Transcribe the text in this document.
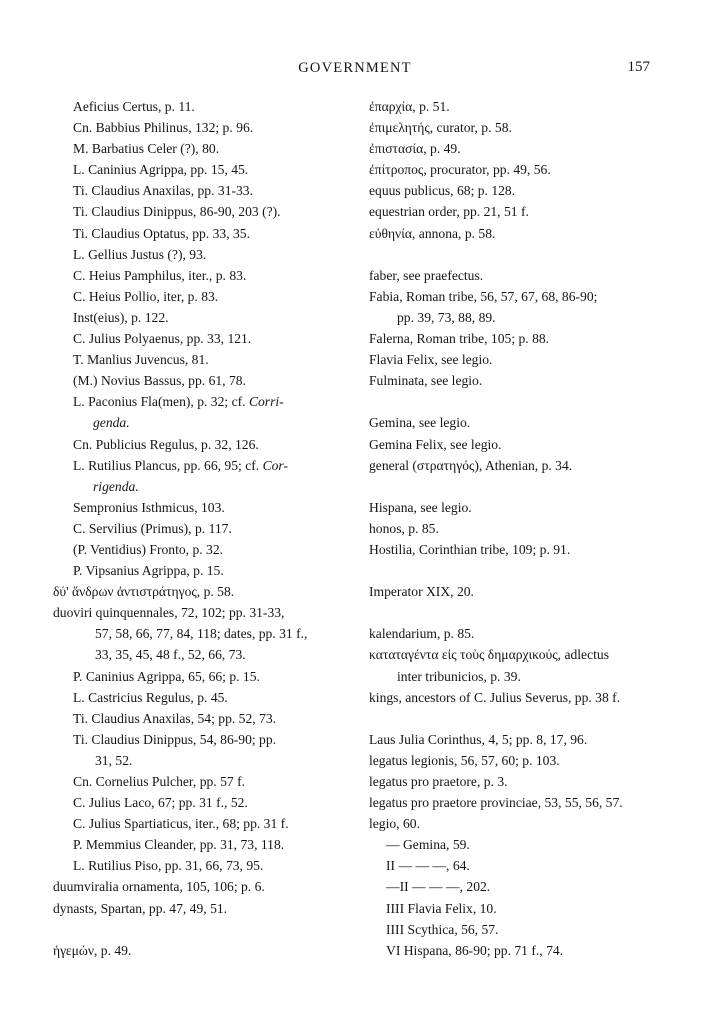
GOVERNMENT	157
Aeficius Certus, p. 11.
Cn. Babbius Philinus, 132; p. 96.
M. Barbatius Celer (?), 80.
L. Caninius Agrippa, pp. 15, 45.
Ti. Claudius Anaxilas, pp. 31-33.
Ti. Claudius Dinippus, 86-90, 203 (?).
Ti. Claudius Optatus, pp. 33, 35.
L. Gellius Justus (?), 93.
C. Heius Pamphilus, iter., p. 83.
C. Heius Pollio, iter, p. 83.
Inst(eius), p. 122.
C. Julius Polyaenus, pp. 33, 121.
T. Manlius Juvencus, 81.
(M.) Novius Bassus, pp. 61, 78.
L. Paconius Fla(men), p. 32; cf. Corri-
genda.
Cn. Publicius Regulus, p. 32, 126.
L. Rutilius Plancus, pp. 66, 95; cf. Cor-
rigenda.
Sempronius Isthmicus, 103.
C. Servilius (Primus), p. 117.
(P. Ventidius) Fronto, p. 32.
P. Vipsanius Agrippa, p. 15.
δύ' ἄνδρων ἀντιστράτηγος, p. 58.
duoviri quinquennales, 72, 102; pp. 31-33,
57, 58, 66, 77, 84, 118; dates, pp. 31 f.,
33, 35, 45, 48 f., 52, 66, 73.
P. Caninius Agrippa, 65, 66; p. 15.
L. Castricius Regulus, p. 45.
Ti. Claudius Anaxilas, 54; pp. 52, 73.
Ti. Claudius Dinippus, 54, 86-90; pp.
31, 52.
Cn. Cornelius Pulcher, pp. 57 f.
C. Julius Laco, 67; pp. 31 f., 52.
C. Julius Spartiaticus, iter., 68; pp. 31 f.
P. Memmius Cleander, pp. 31, 73, 118.
L. Rutilius Piso, pp. 31, 66, 73, 95.
duumviralia ornamenta, 105, 106; p. 6.
dynasts, Spartan, pp. 47, 49, 51.
ἡγεμών, p. 49.
ἐπαρχία, p. 51.
ἐπιμελητής, curator, p. 58.
ἐπιστασία, p. 49.
ἐπίτροπος, procurator, pp. 49, 56.
equus publicus, 68; p. 128.
equestrian order, pp. 21, 51 f.
εὐθηνία, annona, p. 58.
faber, see praefectus.
Fabia, Roman tribe, 56, 57, 67, 68, 86-90;
pp. 39, 73, 88, 89.
Falerna, Roman tribe, 105; p. 88.
Flavia Felix, see legio.
Fulminata, see legio.
Gemina, see legio.
Gemina Felix, see legio.
general (στρατηγός), Athenian, p. 34.
Hispana, see legio.
honos, p. 85.
Hostilia, Corinthian tribe, 109; p. 91.
Imperator XIX, 20.
kalendarium, p. 85.
καταταγέντα εἰς τοὺς δημαρχικούς, adlectus
inter tribunicios, p. 39.
kings, ancestors of C. Julius Severus, pp. 38 f.
Laus Julia Corinthus, 4, 5; pp. 8, 17, 96.
legatus legionis, 56, 57, 60; p. 103.
legatus pro praetore, p. 3.
legatus pro praetore provinciae, 53, 55, 56, 57.
legio, 60.
— Gemina, 59.
II — — —, 64.
—II — — —, 202.
IIII Flavia Felix, 10.
IIII Scythica, 56, 57.
VI Hispana, 86-90; pp. 71 f., 74.
